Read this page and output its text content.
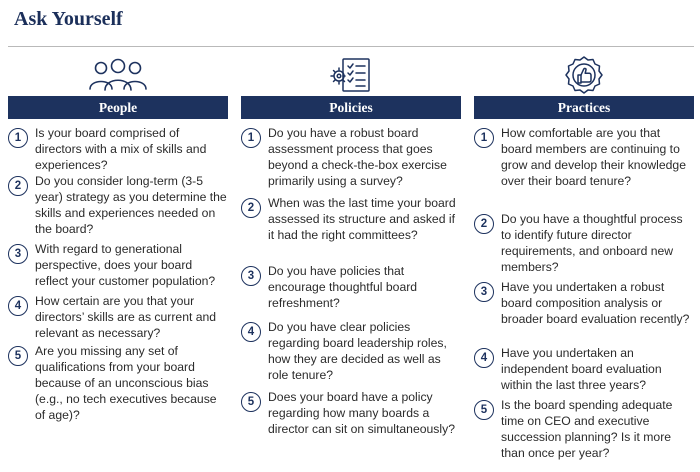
Ask Yourself
People
1	Is your board comprised of directors with a mix of skills and experiences?
2	Do you consider long-term (3-5 year) strategy as you determine the skills and experiences needed on the board?
3	With regard to generational perspective, does your board reflect your customer population?
4	How certain are you that your directors’ skills are as current and relevant as necessary?
5	Are you missing any set of qualifications from your board because of an unconscious bias (e.g., no tech executives because of age)?
Policies
1	Do you have a robust board assessment process that goes beyond a check-the-box exercise primarily using a survey?
2	When was the last time your board assessed its structure and asked if it had the right committees?
3	Do you have policies that encourage thoughtful board refreshment?
4	Do you have clear policies regarding board leadership roles, how they are decided as well as role tenure?
5	Does your board have a policy regarding how many boards a director can sit on simultaneously?
Practices
1	How comfortable are you that board members are continuing to grow and develop their knowledge over their board tenure?
2	Do you have a thoughtful process to identify future director requirements, and onboard new members?
3	Have you undertaken a robust board composition analysis or broader board evaluation recently?
4	Have you undertaken an independent board evaluation within the last three years?
5	Is the board spending adequate time on CEO and executive succession planning? Is it more than once per year?
